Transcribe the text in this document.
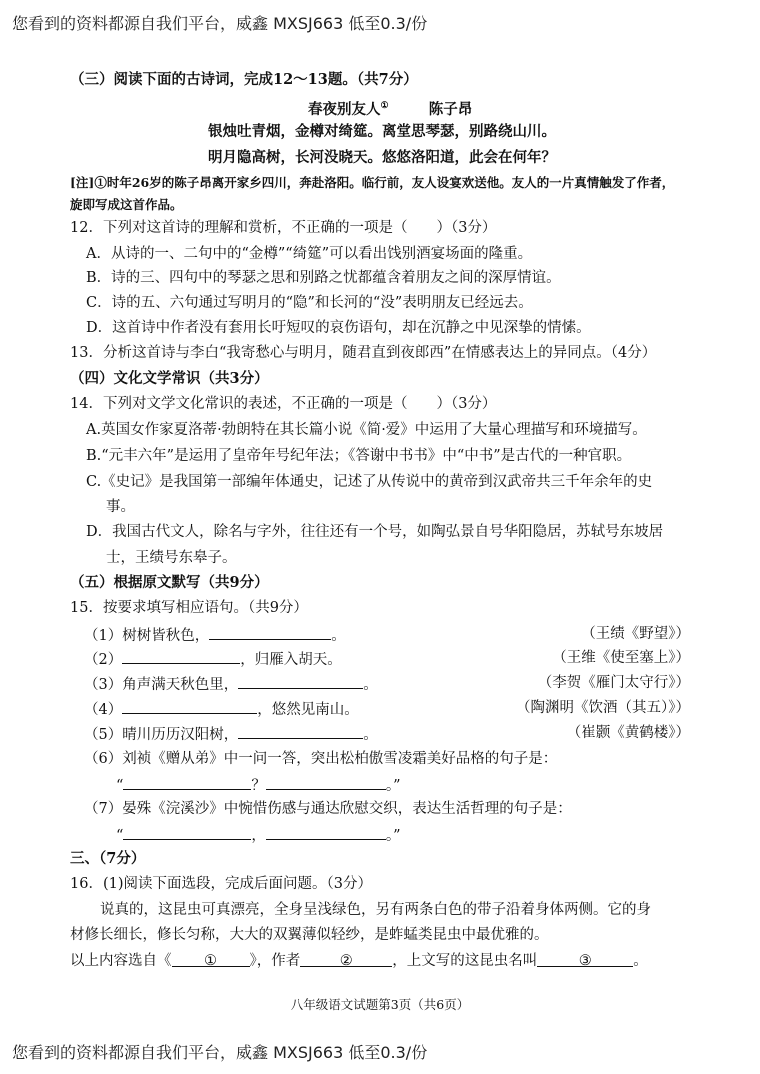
您看到的资料都源自我们平台，威鑫 MXSJ663 低至0.3/份
（三）阅读下面的古诗词，完成12～13题。（共7分）
春夜别友人①	陈子昂
银烛吐青烟，金樽对绮筵。离堂思琴瑟，别路绕山川。
明月隐高树，长河没晓天。悠悠洛阳道，此会在何年？
[注]①时年26岁的陈子昂离开家乡四川，奔赴洛阳。临行前，友人设宴欢送他。友人的一片真情触发了作者，
旋即写成这首作品。
12．下列对这首诗的理解和赏析，不正确的一项是（　　）（3分）
A．从诗的一、二句中的“金樽”“绮筵”可以看出饯别酒宴场面的隆重。
B．诗的三、四句中的琴瑟之思和别路之忧都蕴含着朋友之间的深厚情谊。
C．诗的五、六句通过写明月的“隐”和长河的“没”表明朋友已经远去。
D．这首诗中作者没有套用长吁短叹的哀伤语句，却在沉静之中见深挚的情愫。
13．分析这首诗与李白“我寄愁心与明月，随君直到夜郎西”在情感表达上的异同点。（4分）
（四）文化文学常识（共3分）
14．下列对文学文化常识的表述，不正确的一项是（　　）（3分）
A.英国女作家夏洛蒂·勃朗特在其长篇小说《简·爱》中运用了大量心理描写和环境描写。
B.“元丰六年”是运用了皇帝年号纪年法；《答谢中书书》中“中书”是古代的一种官职。
C.《史记》是我国第一部编年体通史，记述了从传说中的黄帝到汉武帝共三千年余年的史
事。
D．我国古代文人，除名与字外，往往还有一个号，如陶弘景自号华阳隐居，苏轼号东坡居
士，王绩号东皋子。
（五）根据原文默写（共9分）
15．按要求填写相应语句。（共9分）
（1）树树皆秋色，	。	（王绩《野望》）
（2）	，归雁入胡天。	（王维《使至塞上》）
（3）角声满天秋色里，	。	（李贺《雁门太守行》）
（4）	，悠然见南山。	（陶渊明《饮酒（其五）》）
（5）晴川历历汉阳树，	。	（崔颢《黄鹤楼》）
（6）刘祯《赠从弟》中一问一答，突出松柏傲雪凌霜美好品格的句子是：
“	？	。”
（7）晏殊《浣溪沙》中惋惜伤感与通达欣慰交织，表达生活哲理的句子是：
“	，	。”
三、（7分）
16．(1)阅读下面选段，完成后面问题。（3分）
说真的，这昆虫可真漂亮，全身呈浅绿色，另有两条白色的带子沿着身体两侧。它的身
材修长细长，修长匀称，大大的双翼薄似轻纱，是蚱蜢类昆虫中最优雅的。
以上内容选自《 ① 》，作者	②	，上文写的这昆虫名叫	③	。
八年级语文试题第3页（共6页）
您看到的资料都源自我们平台，威鑫 MXSJ663 低至0.3/份
